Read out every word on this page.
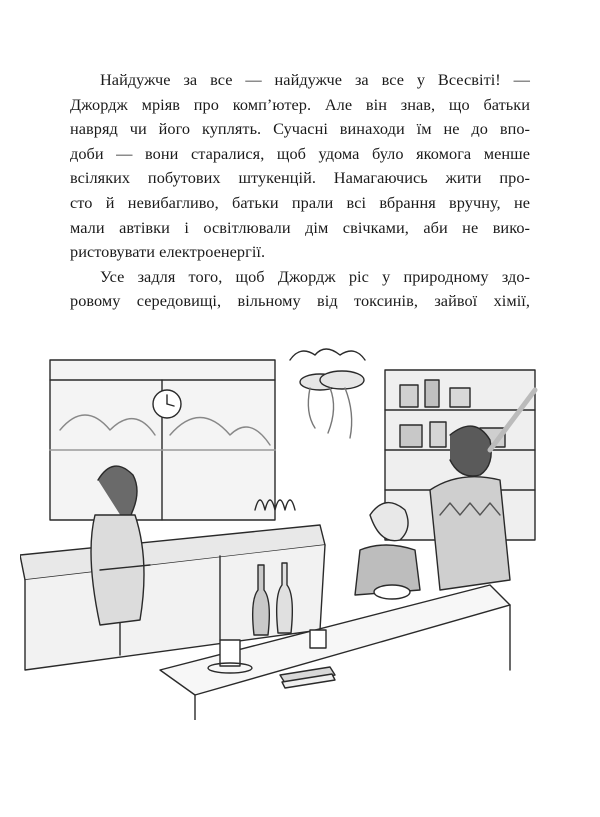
Найдужче за все — найдужче за все у Всесвіті! —
Джордж мріяв про комп’ютер. Але він знав, що батьки
навряд чи його куплять. Сучасні винаходи їм не до впо-
доби — вони старалися, щоб удома було якомога менше
всіляких побутових штукенцій. Намагаючись жити про-
сто й невибагливо, батьки прали всі вбрання вручну, не
мали автівки і освітлювали дім свічками, аби не вико-
ристовувати електроенергії.
Усе задля того, щоб Джордж ріс у природному здо-
ровому середовищі, вільному від токсинів, зайвої хімії,
